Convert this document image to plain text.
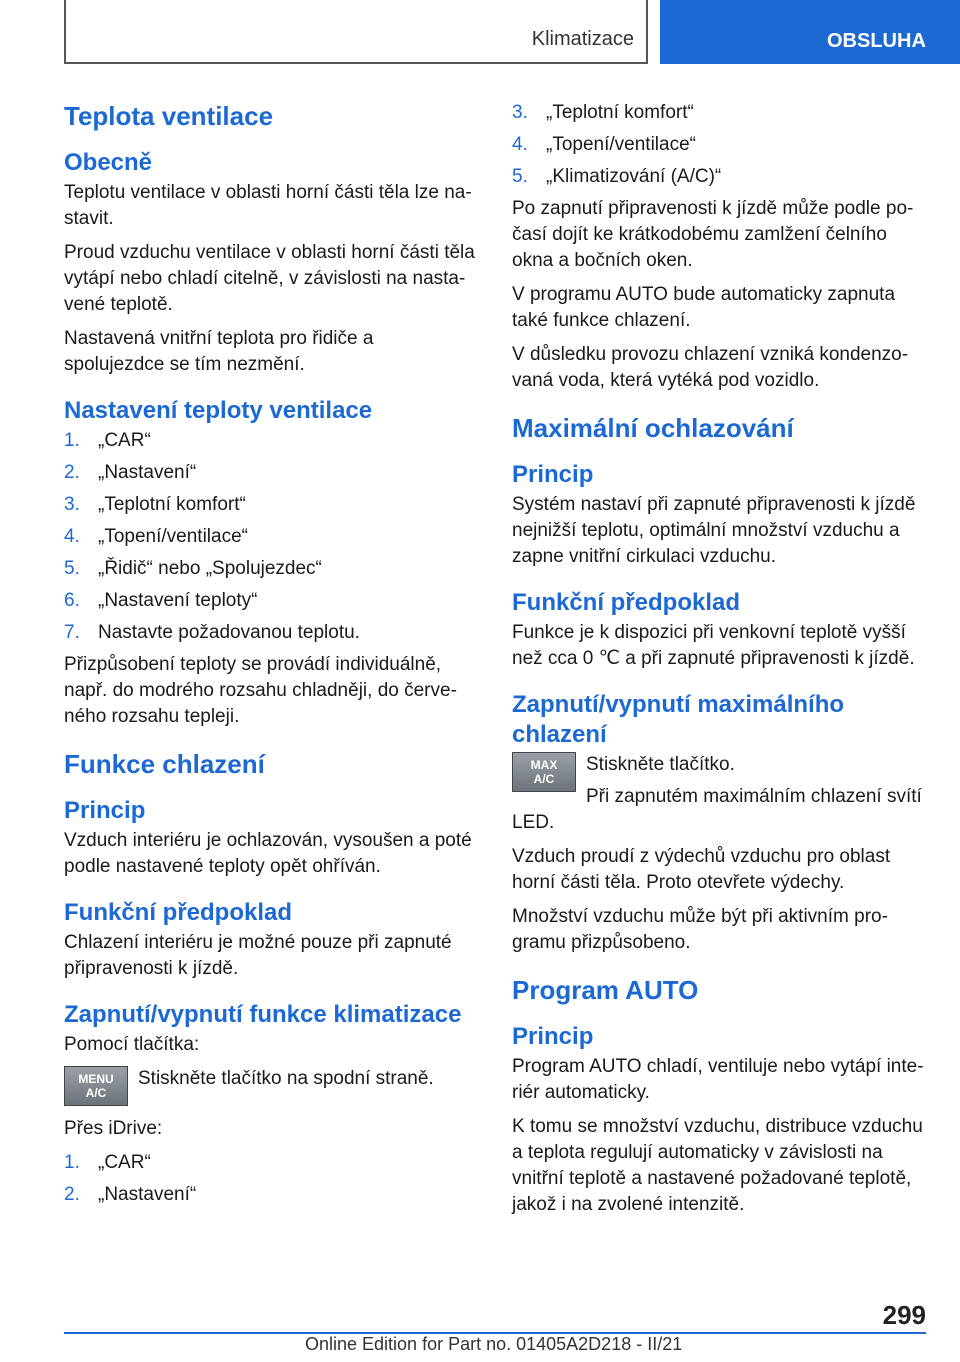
Klimatizace	OBSLUHA
Teplota ventilace
Obecně

Teplotu ventilace v oblasti horní části těla lze nastavit.

Proud vzduchu ventilace v oblasti horní části těla vytápí nebo chladí citelně, v závislosti na nastavené teplotě.

Nastavená vnitřní teplota pro řidiče a spolujezdce se tím nezmění.

Nastavení teploty ventilace
1. „CAR“
2. „Nastavení“
3. „Teplotní komfort“
4. „Topení/ventilace“
5. „Řidič“ nebo „Spolujezdec“
6. „Nastavení teploty“
7. Nastavte požadovanou teplotu.

Přizpůsobení teploty se provádí individuálně, např. do modrého rozsahu chladněji, do červeného rozsahu tepleji.

Funkce chlazení
Princip

Vzduch interiéru je ochlazován, vysoušen a poté podle nastavené teploty opět ohříván.

Funkční předpoklad

Chlazení interiéru je možné pouze při zapnuté připravenosti k jízdě.

Zapnutí/vypnutí funkce klimatizace

Pomocí tlačítka:

MENU
A/C

Stiskněte tlačítko na spodní straně.

Přes iDrive:

1. „CAR“
2. „Nastavení“
3. „Teplotní komfort“
4. „Topení/ventilace“
5. „Klimatizování (A/C)“

Po zapnutí připravenosti k jízdě může podle počasí dojít ke krátkodobému zamlžení čelního okna a bočních oken.

V programu AUTO bude automaticky zapnuta také funkce chlazení.

V důsledku provozu chlazení vzniká kondenzovaná voda, která vytéká pod vozidlo.

Maximální ochlazování
Princip

Systém nastaví při zapnuté připravenosti k jízdě nejnižší teplotu, optimální množství vzduchu a zapne vnitřní cirkulaci vzduchu.

Funkční předpoklad

Funkce je k dispozici při venkovní teplotě vyšší než cca 0 ℃ a při zapnuté připravenosti k jízdě.

Zapnutí/vypnutí maximálního chlazení
MAX
A/C

Stiskněte tlačítko.

Při zapnutém maximálním chlazení svítí LED.

Vzduch proudí z výdechů vzduchu pro oblast horní části těla. Proto otevřete výdechy.

Množství vzduchu může být při aktivním programu přizpůsobeno.

Program AUTO
Princip

Program AUTO chladí, ventiluje nebo vytápí interiér automaticky.

K tomu se množství vzduchu, distribuce vzduchu a teplota regulují automaticky v závislosti na vnitřní teplotě a nastavené požadované teplotě, jakož i na zvolené intenzitě.

299
Online Edition for Part no. 01405A2D218 - II/21
